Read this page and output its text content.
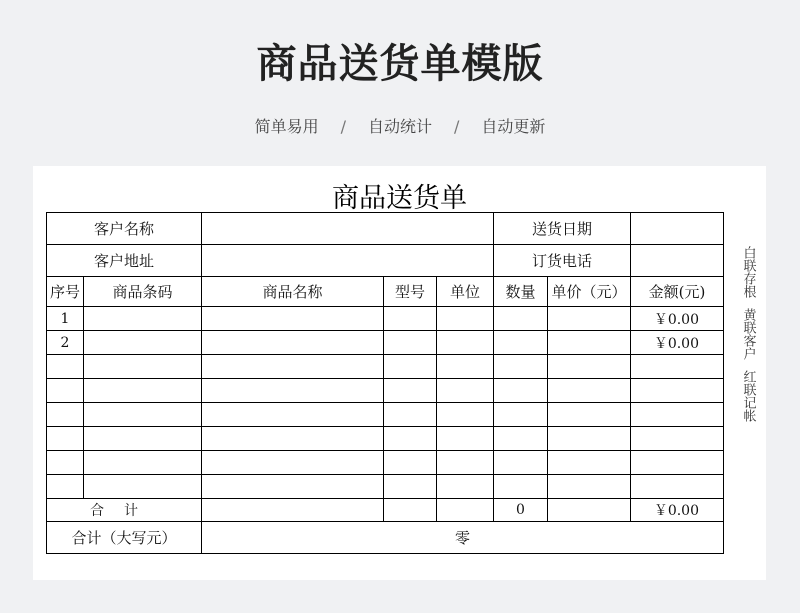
商品送货单模版
简单易用 / 自动统计 / 自动更新
商品送货单
客户名称					送货日期		
客户地址					订货电话		
序号	商品条码	商品名称	型号	单位	数量	单价（元）	金额(元)
1							￥0.00
2							￥0.00

合计					0		￥0.00
合计（大写元）		零					
白联存根
黄联客户
红联记帐
